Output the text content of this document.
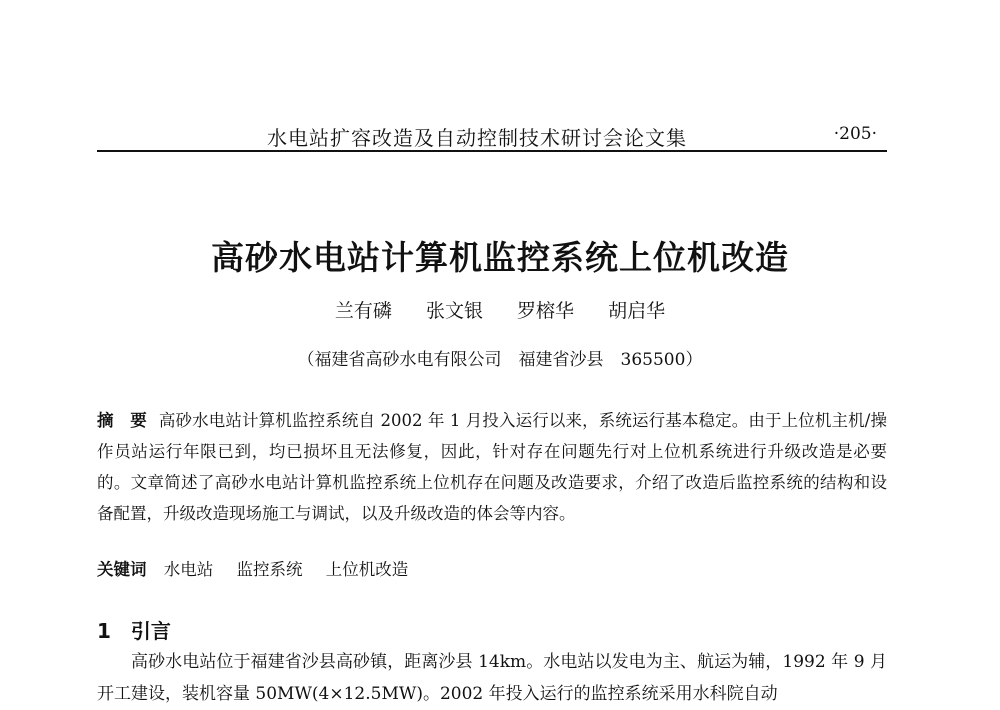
水电站扩容改造及自动控制技术研讨会论文集	·205·
高砂水电站计算机监控系统上位机改造
兰有磷 张文银 罗榕华 胡启华
（福建省高砂水电有限公司　福建省沙县　365500）
摘　要 高砂水电站计算机监控系统自 2002 年 1 月投入运行以来，系统运行基本稳定。由于上位机主机/操作员站运行年限已到，均已损坏且无法修复，因此，针对存在问题先行对上位机系统进行升级改造是必要的。文章简述了高砂水电站计算机监控系统上位机存在问题及改造要求，介绍了改造后监控系统的结构和设备配置，升级改造现场施工与调试，以及升级改造的体会等内容。
关键词 水电站 监控系统 上位机改造
1 引言
高砂水电站位于福建省沙县高砂镇，距离沙县 14km。水电站以发电为主、航运为辅，1992 年 9 月开工建设，装机容量 50MW(4×12.5MW)。2002 年投入运行的监控系统采用水科院自动
